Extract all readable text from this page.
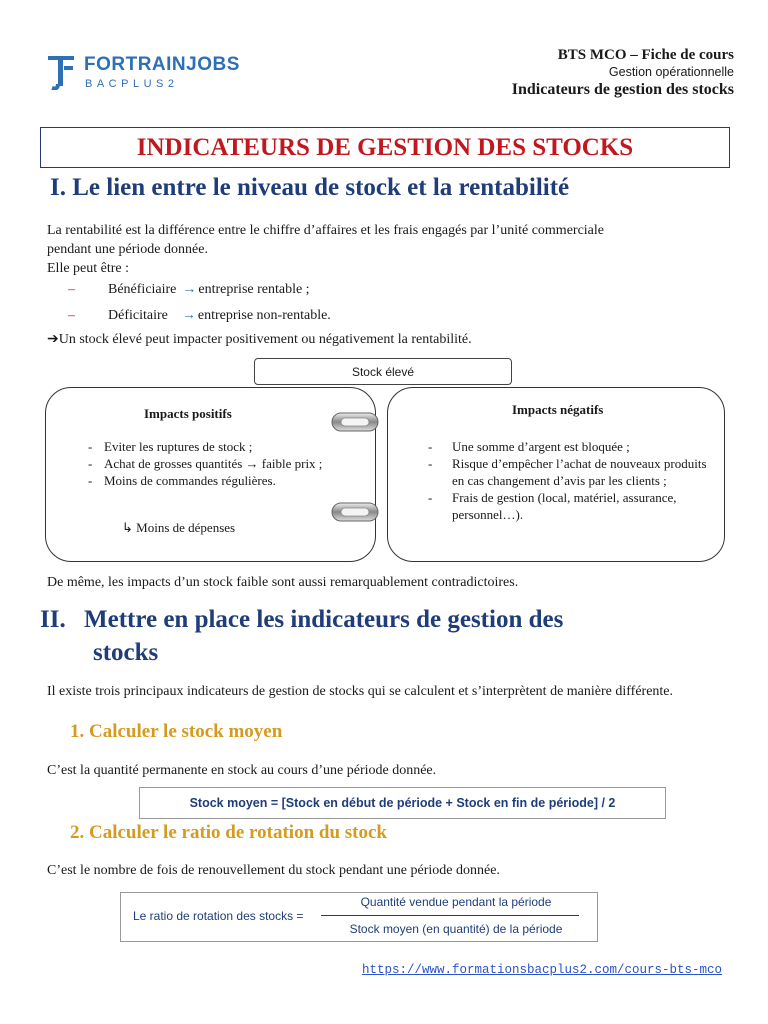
FORTRAINJOBS
BACPLUS2
BTS MCO – Fiche de cours
Gestion opérationnelle
Indicateurs de gestion des stocks
INDICATEURS DE GESTION DES STOCKS
I. Le lien entre le niveau de stock et la rentabilité
La rentabilité est la différence entre le chiffre d’affaires et les frais engagés par l’unité commerciale
pendant une période donnée.
Elle peut être :
–	Bénéficiaire → entreprise rentable ;
–	Déficitaire → entreprise non-rentable.
➔Un stock élevé peut impacter positivement ou négativement la rentabilité.
Impacts positifs
- Eviter les ruptures de stock ;
- Achat de grosses quantités → faible prix ;
- Moins de commandes régulières.
↳ Moins de dépenses
Impacts négatifs
-	Une somme d’argent est bloquée ;
-	Risque d’empêcher l’achat de nouveaux produits en cas changement d’avis par les clients ;
-	Frais de gestion (local, matériel, assurance, personnel…).
Stock élevé
De même, les impacts d’un stock faible sont aussi remarquablement contradictoires.
II. Mettre en place les indicateurs de gestion des
stocks
Il existe trois principaux indicateurs de gestion de stocks qui se calculent et s’interprètent de manière différente.
1. Calculer le stock moyen
C’est la quantité permanente en stock au cours d’une période donnée.
Stock moyen = [Stock en début de période + Stock en fin de période] / 2
2. Calculer le ratio de rotation du stock
C’est le nombre de fois de renouvellement du stock pendant une période donnée.
Le ratio de rotation des stocks =
Quantité vendue pendant la période
Stock moyen (en quantité) de la période
https://www.formationsbacplus2.com/cours-bts-mco
